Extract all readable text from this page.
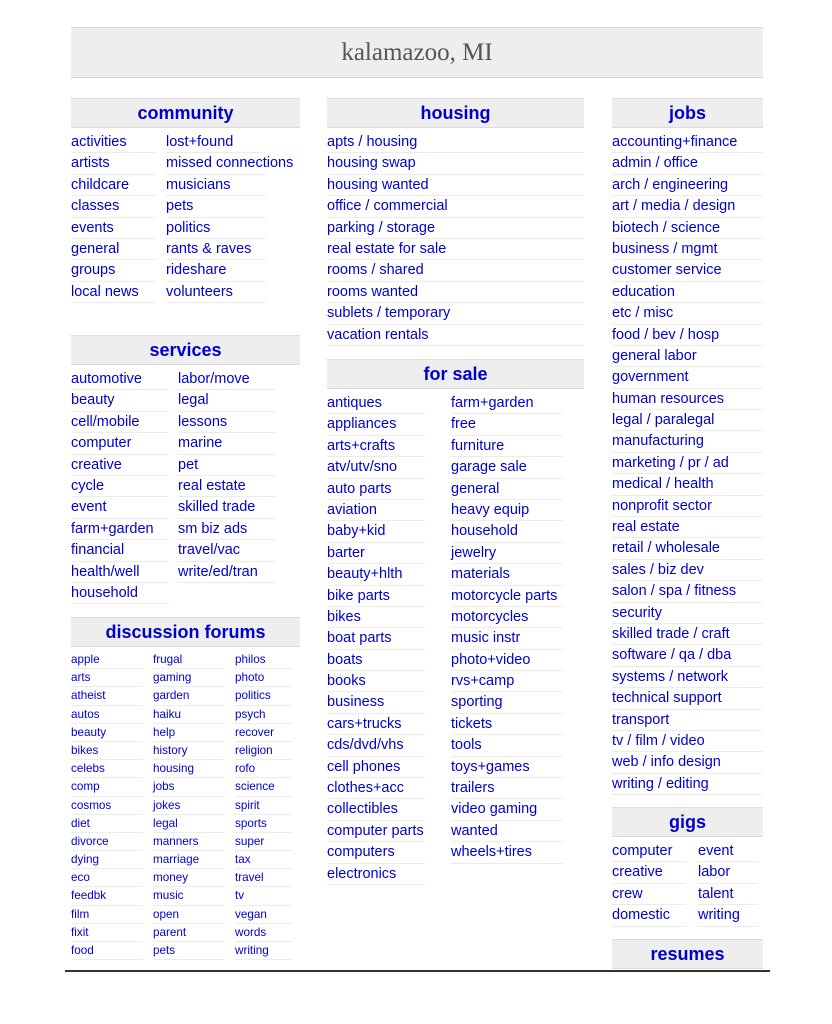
kalamazoo, MI
community
activities
artists
childcare
classes
events
general
groups
local news
lost+found
missed connections
musicians
pets
politics
rants & raves
rideshare
volunteers
services
automotive
beauty
cell/mobile
computer
creative
cycle
event
farm+garden
financial
health/well
household
labor/move
legal
lessons
marine
pet
real estate
skilled trade
sm biz ads
travel/vac
write/ed/tran
discussion forums
apple
arts
atheist
autos
beauty
bikes
celebs
comp
cosmos
diet
divorce
dying
eco
feedbk
film
fixit
food
frugal
gaming
garden
haiku
help
history
housing
jobs
jokes
legal
manners
marriage
money
music
open
parent
pets
philos
photo
politics
psych
recover
religion
rofo
science
spirit
sports
super
tax
travel
tv
vegan
words
writing
housing
apts / housing
housing swap
housing wanted
office / commercial
parking / storage
real estate for sale
rooms / shared
rooms wanted
sublets / temporary
vacation rentals
for sale
antiques
appliances
arts+crafts
atv/utv/sno
auto parts
aviation
baby+kid
barter
beauty+hlth
bike parts
bikes
boat parts
boats
books
business
cars+trucks
cds/dvd/vhs
cell phones
clothes+acc
collectibles
computer parts
computers
electronics
farm+garden
free
furniture
garage sale
general
heavy equip
household
jewelry
materials
motorcycle parts
motorcycles
music instr
photo+video
rvs+camp
sporting
tickets
tools
toys+games
trailers
video gaming
wanted
wheels+tires
jobs
accounting+finance
admin / office
arch / engineering
art / media / design
biotech / science
business / mgmt
customer service
education
etc / misc
food / bev / hosp
general labor
government
human resources
legal / paralegal
manufacturing
marketing / pr / ad
medical / health
nonprofit sector
real estate
retail / wholesale
sales / biz dev
salon / spa / fitness
security
skilled trade / craft
software / qa / dba
systems / network
technical support
transport
tv / film / video
web / info design
writing / editing
gigs
computer
creative
crew
domestic
event
labor
talent
writing
resumes
